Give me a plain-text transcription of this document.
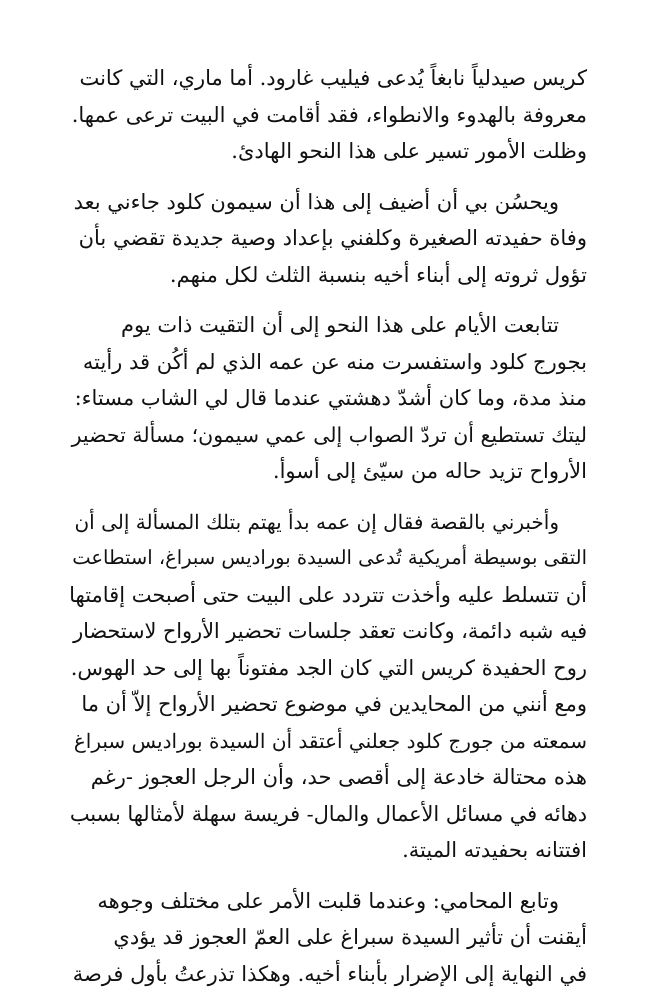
كريس صيدلياً نابغاً يُدعى فيليب غارود. أما ماري، التي كانت
معروفة بالهدوء والانطواء، فقد أقامت في البيت ترعى عمها.
وظلت الأمور تسير على هذا النحو الهادئ.

ويحسُن بي أن أضيف إلى هذا أن سيمون كلود جاءني بعد
وفاة حفيدته الصغيرة وكلفني بإعداد وصية جديدة تقضي بأن
تؤول ثروته إلى أبناء أخيه بنسبة الثلث لكل منهم.

تتابعت الأيام على هذا النحو إلى أن التقيت ذات يوم
بجورج كلود واستفسرت منه عن عمه الذي لم أكُن قد رأيته
منذ مدة، وما كان أشدّ دهشتي عندما قال لي الشاب مستاء:
ليتك تستطيع أن تردّ الصواب إلى عمي سيمون؛ مسألة تحضير
الأرواح تزيد حاله من سيّئ إلى أسوأ.

وأخبرني بالقصة فقال إن عمه بدأ يهتم بتلك المسألة إلى أن
التقى بوسيطة أمريكية تُدعى السيدة بوراديس سبراغ، استطاعت
أن تتسلط عليه وأخذت تتردد على البيت حتى أصبحت إقامتها
فيه شبه دائمة، وكانت تعقد جلسات تحضير الأرواح لاستحضار
روح الحفيدة كريس التي كان الجد مفتوناً بها إلى حد الهوس.
ومع أنني من المحايدين في موضوع تحضير الأرواح إلاّ أن ما
سمعته من جورج كلود جعلني أعتقد أن السيدة بوراديس سبراغ
هذه محتالة خادعة إلى أقصى حد، وأن الرجل العجوز -رغم
دهائه في مسائل الأعمال والمال- فريسة سهلة لأمثالها بسبب
افتتانه بحفيدته الميتة.

وتابع المحامي: وعندما قلبت الأمر على مختلف وجوهه
أيقنت أن تأثير السيدة سبراغ على العمّ العجوز قد يؤدي
في النهاية إلى الإضرار بأبناء أخيه. وهكذا تذرعتُ بأول فرصة
